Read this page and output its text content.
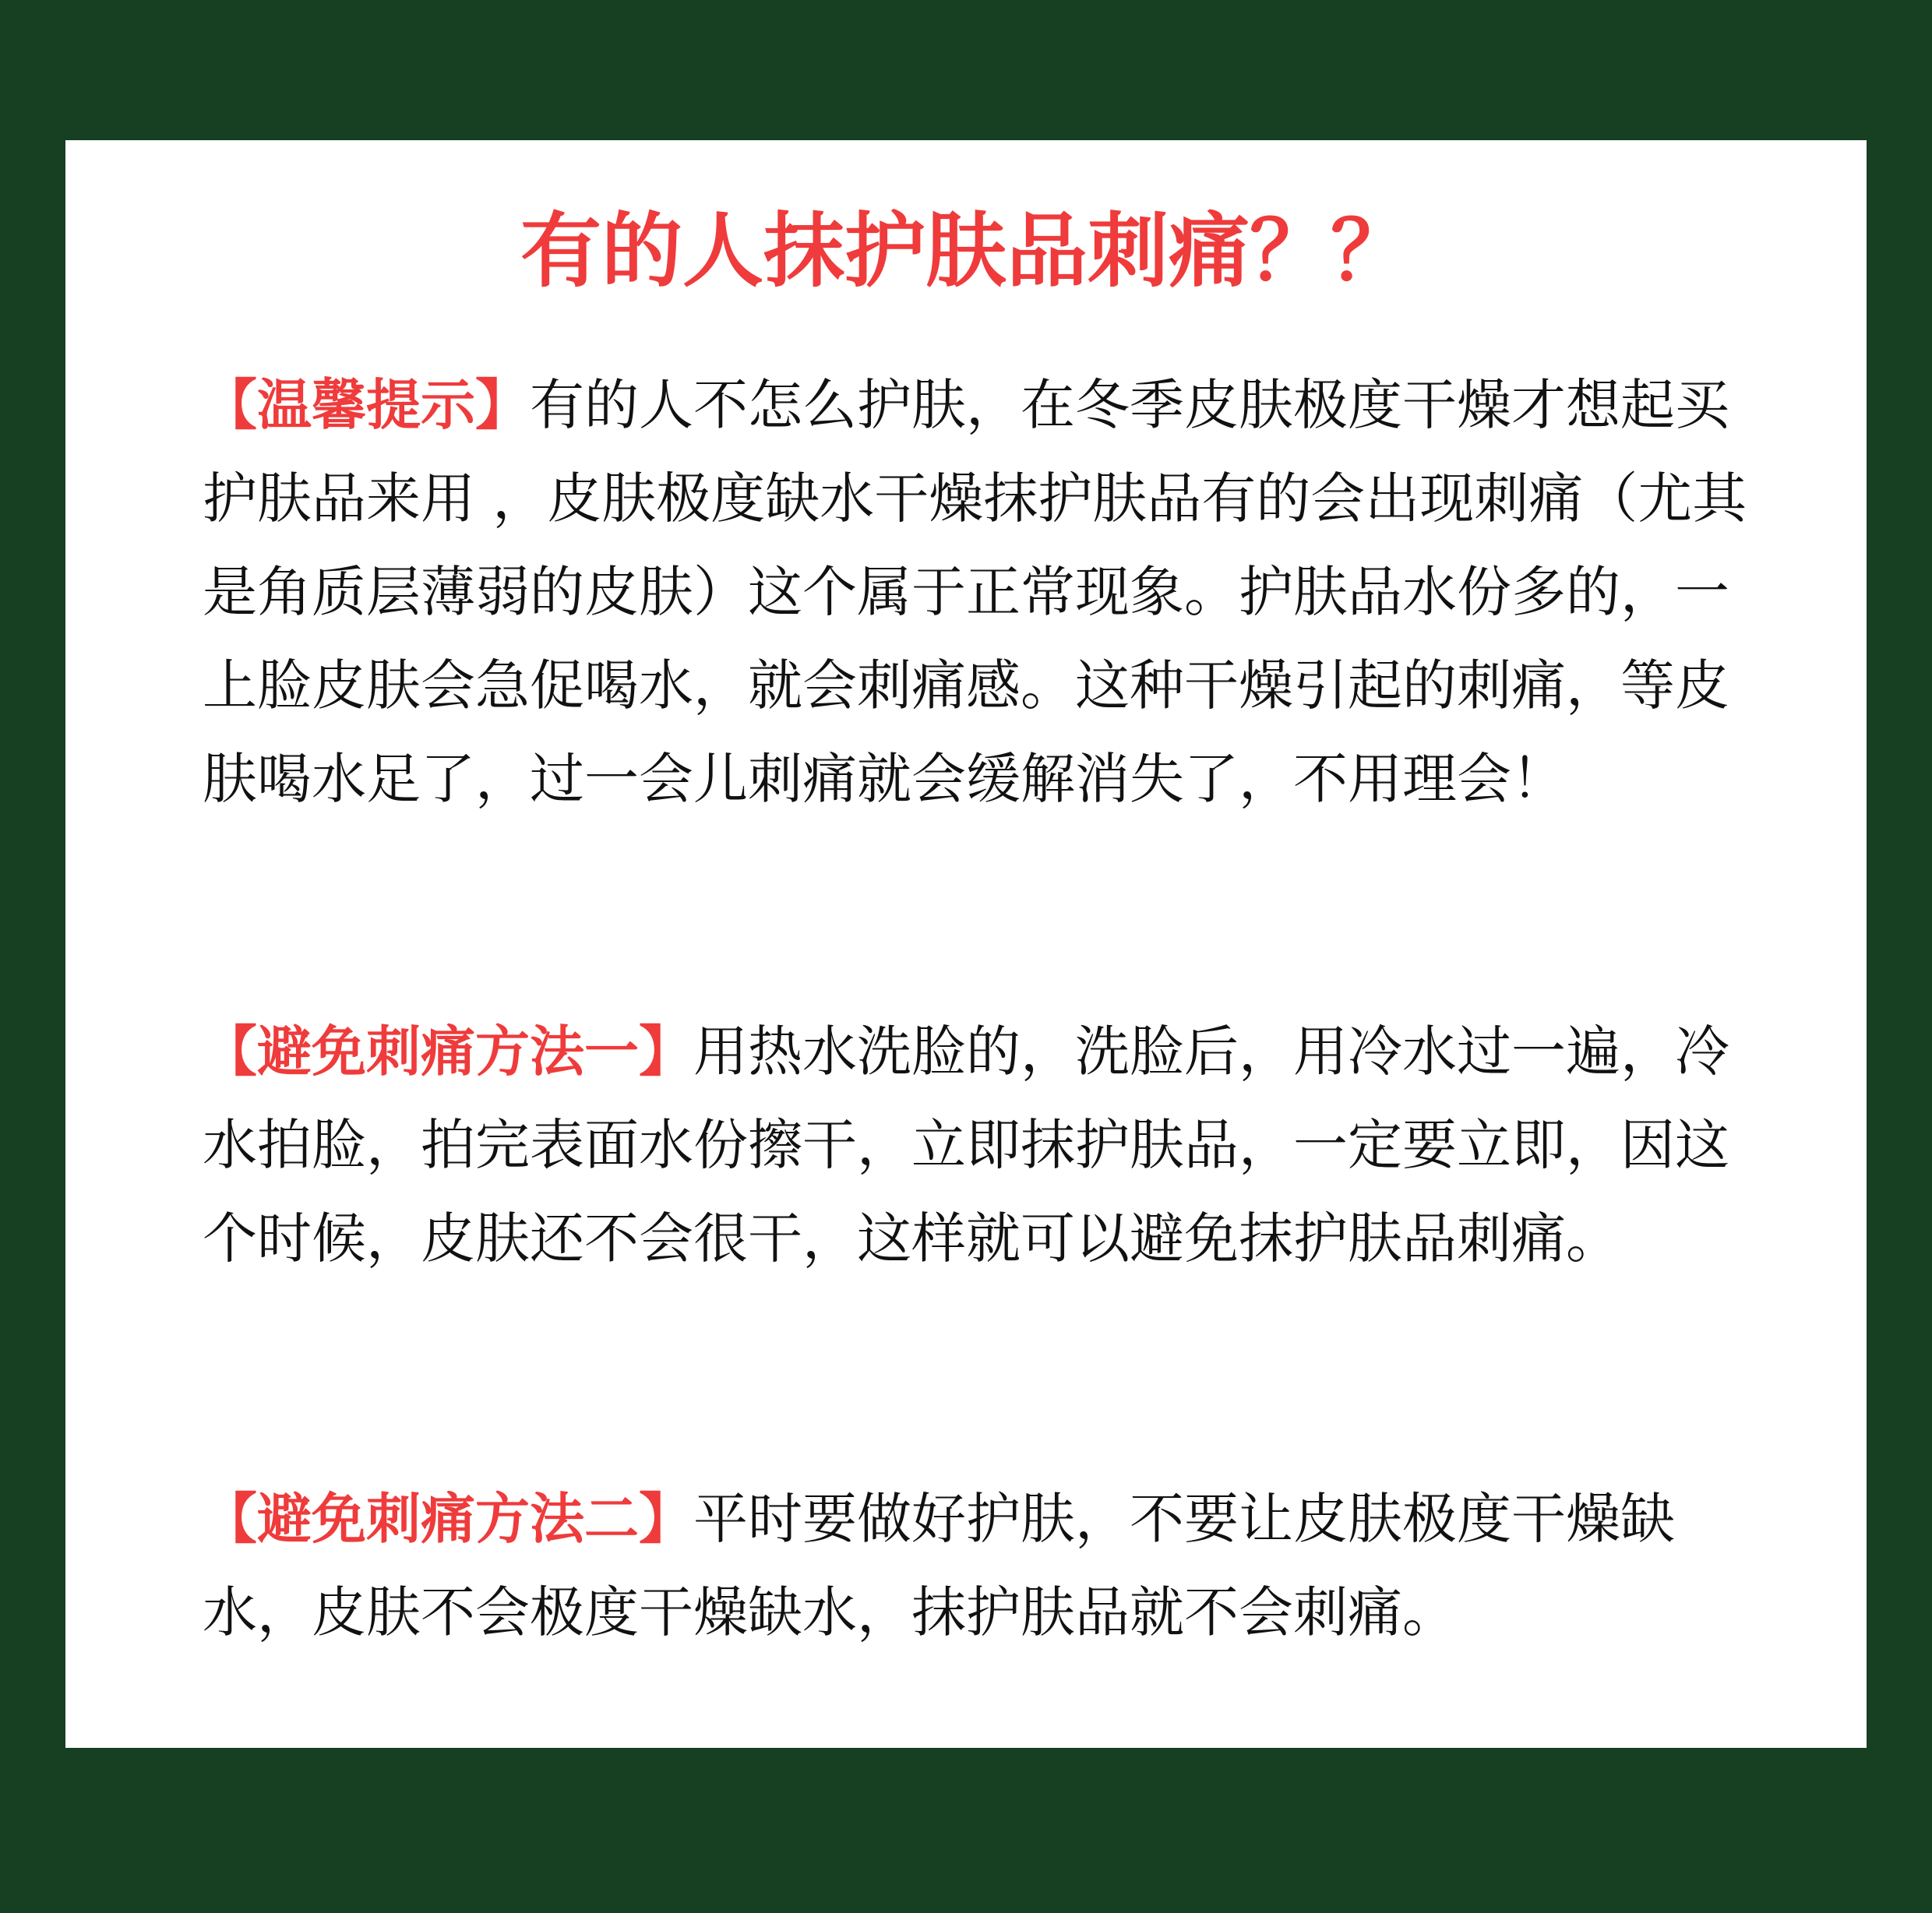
有的人抹护肤品刺痛？？
【温馨提示】有的人不怎么护肤，在冬季皮肤极度干燥才想起买护肤品来用 ，皮肤极度缺水干燥抹护肤品有的会出现刺痛（尤其是角质层薄弱的皮肤）这个属于正常现象。护肤品水份多的，一上脸皮肤会急促喝水，就会刺痛感。这种干燥引起的刺痛，等皮肤喝水足了，过一会儿刺痛就会缓解消失了，不用理会！
【避免刺痛方法一】用热水洗脸的，洗脸后，用冷水过一遍，冷水拍脸，拍完表面水份擦干，立即抹护肤品，一定要立即，因这个时候，皮肤还不会很干，这样就可以避免抹护肤品刺痛。
【避免刺痛方法二】平时要做好护肤，不要让皮肤极度干燥缺水，皮肤不会极度干燥缺水，抹护肤品就不会刺痛。
